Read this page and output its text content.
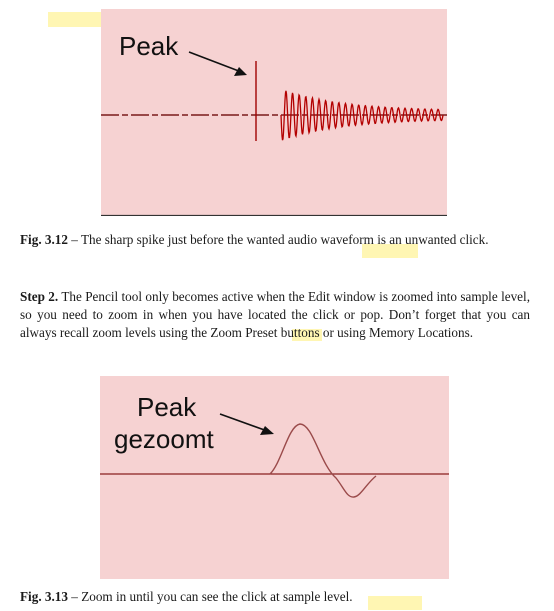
Peak
Fig. 3.12 – The sharp spike just before the wanted audio waveform is an unwanted click.
Step 2. The Pencil tool only becomes active when the Edit window is zoomed into sample level, so you need to zoom in when you have located the click or pop. Don’t forget that you can always recall zoom levels using the Zoom Preset buttons or using Memory Locations.
Peak
gezoomt
Fig. 3.13 – Zoom in until you can see the click at sample level.
